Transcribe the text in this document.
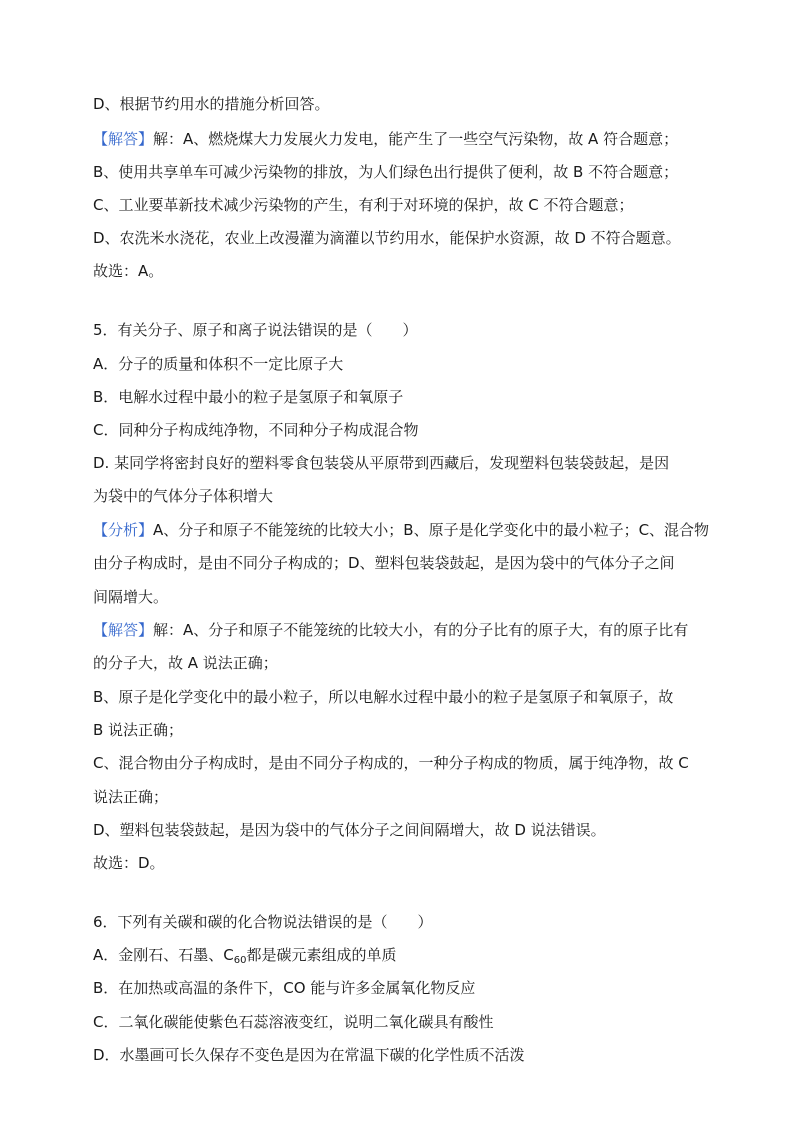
D、根据节约用水的措施分析回答。
【解答】解：A、燃烧煤大力发展火力发电，能产生了一些空气污染物，故 A 符合题意；
B、使用共享单车可减少污染物的排放，为人们绿色出行提供了便利，故 B 不符合题意；
C、工业要革新技术减少污染物的产生，有利于对环境的保护，故 C 不符合题意；
D、农洗米水浇花，农业上改漫灌为滴灌以节约用水，能保护水资源，故 D 不符合题意。
故选：A。
5．有关分子、原子和离子说法错误的是（　　）
A．分子的质量和体积不一定比原子大
B．电解水过程中最小的粒子是氢原子和氧原子
C．同种分子构成纯净物，不同种分子构成混合物
D. 某同学将密封良好的塑料零食包装袋从平原带到西藏后，发现塑料包装袋鼓起，是因
为袋中的气体分子体积增大
【分析】A、分子和原子不能笼统的比较大小；B、原子是化学变化中的最小粒子；C、混合物
由分子构成时，是由不同分子构成的；D、塑料包装袋鼓起，是因为袋中的气体分子之间
间隔增大。
【解答】解：A、分子和原子不能笼统的比较大小，有的分子比有的原子大，有的原子比有
的分子大，故 A 说法正确；
B、原子是化学变化中的最小粒子，所以电解水过程中最小的粒子是氢原子和氧原子，故
B 说法正确；
C、混合物由分子构成时，是由不同分子构成的，一种分子构成的物质，属于纯净物，故 C
说法正确；
D、塑料包装袋鼓起，是因为袋中的气体分子之间间隔增大，故 D 说法错误。
故选：D。
6．下列有关碳和碳的化合物说法错误的是（　　）
A．金刚石、石墨、$C_{60}$都是碳元素组成的单质
B．在加热或高温的条件下，CO 能与许多金属氧化物反应
C．二氧化碳能使紫色石蕊溶液变红，说明二氧化碳具有酸性
D．水墨画可长久保存不变色是因为在常温下碳的化学性质不活泼
